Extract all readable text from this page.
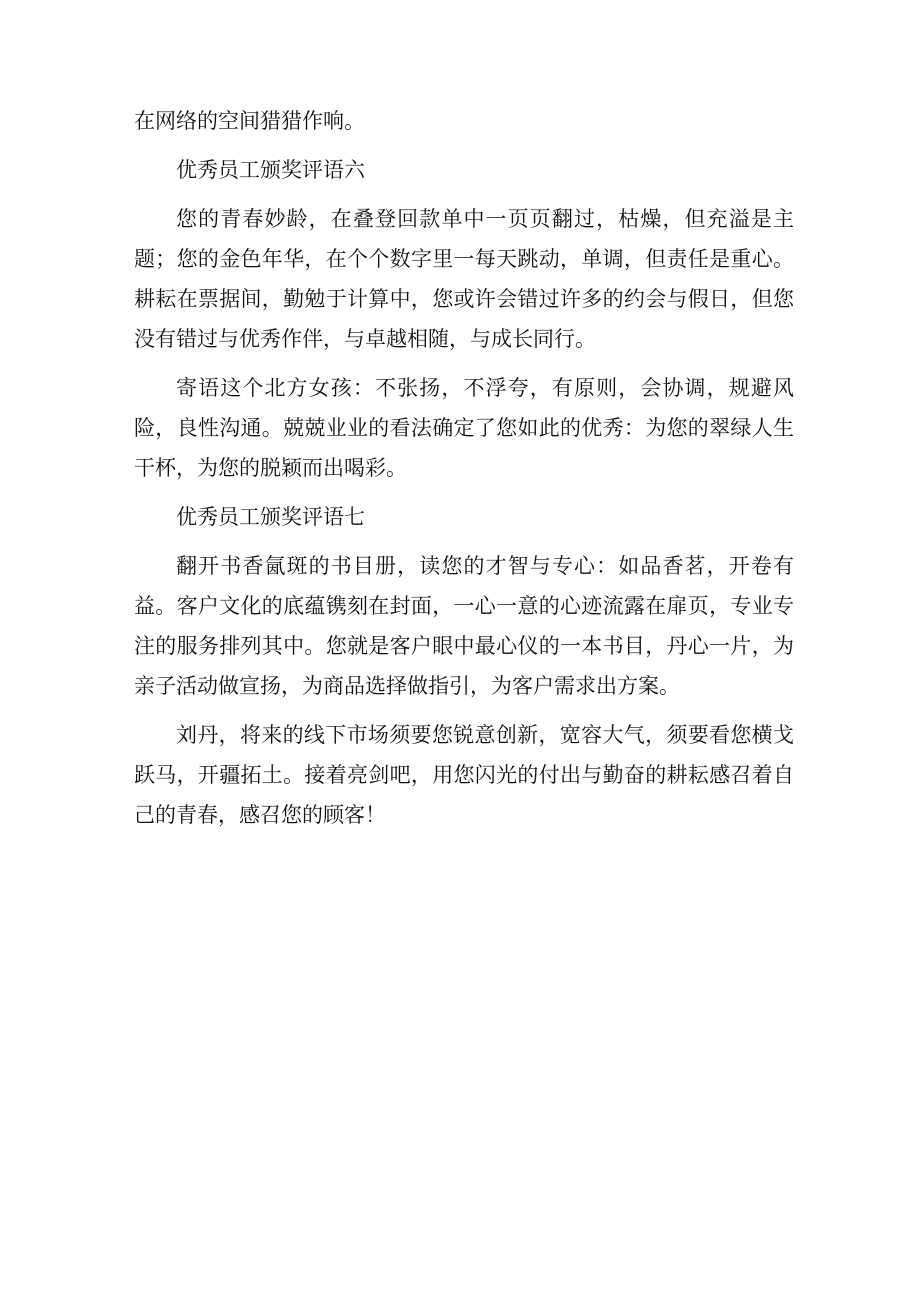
在网络的空间猎猎作响。

优秀员工颁奖评语六

您的青春妙龄，在叠登回款单中一页页翻过，枯燥，但充溢是主题；您的金色年华，在个个数字里一每天跳动，单调，但责任是重心。耕耘在票据间，勤勉于计算中，您或许会错过许多的约会与假日，但您没有错过与优秀作伴，与卓越相随，与成长同行。

寄语这个北方女孩：不张扬，不浮夸，有原则，会协调，规避风险，良性沟通。兢兢业业的看法确定了您如此的优秀：为您的翠绿人生干杯，为您的脱颖而出喝彩。

优秀员工颁奖评语七

翻开书香氤斑的书目册，读您的才智与专心：如品香茗，开卷有益。客户文化的底蕴镌刻在封面，一心一意的心迹流露在扉页，专业专注的服务排列其中。您就是客户眼中最心仪的一本书目，丹心一片，为亲子活动做宣扬，为商品选择做指引，为客户需求出方案。

刘丹，将来的线下市场须要您锐意创新，宽容大气，须要看您横戈跃马，开疆拓土。接着亮剑吧，用您闪光的付出与勤奋的耕耘感召着自己的青春，感召您的顾客！
